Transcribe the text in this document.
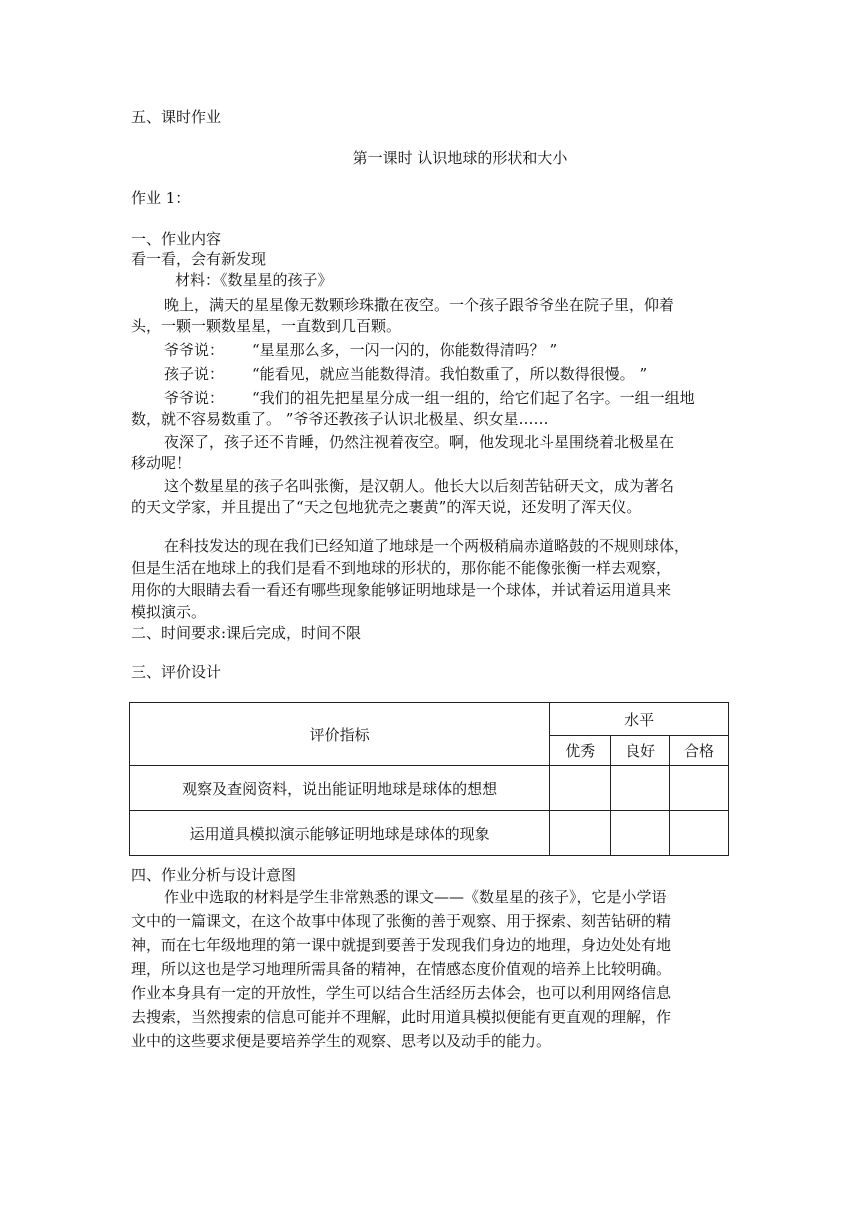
五、课时作业

第一课时 认识地球的形状和大小

作业 1：

一、作业内容

看一看，会有新发现

材料：《数星星的孩子》

晚上，满天的星星像无数颗珍珠撒在夜空。一个孩子跟爷爷坐在院子里，仰着

头，一颗一颗数星星，一直数到几百颗。

爷爷说： “星星那么多，一闪一闪的，你能数得清吗？ ”

孩子说： “能看见，就应当能数得清。我怕数重了，所以数得很慢。 ”

爷爷说： “我们的祖先把星星分成一组一组的，给它们起了名字。一组一组地

数，就不容易数重了。 ”爷爷还教孩子认识北极星、织女星……

夜深了，孩子还不肯睡，仍然注视着夜空。啊，他发现北斗星围绕着北极星在

移动呢！

这个数星星的孩子名叫张衡，是汉朝人。他长大以后刻苦钻研天文，成为著名

的天文学家，并且提出了“天之包地犹壳之裹黄”的浑天说，还发明了浑天仪。

在科技发达的现在我们已经知道了地球是一个两极稍扁赤道略鼓的不规则球体，

但是生活在地球上的我们是看不到地球的形状的，那你能不能像张衡一样去观察，

用你的大眼睛去看一看还有哪些现象能够证明地球是一个球体，并试着运用道具来

模拟演示。

二、时间要求:课后完成，时间不限

三、评价设计

评价指标	水平		
	优秀	良好	合格
观察及查阅资料，说出能证明地球是球体的想想			
运用道具模拟演示能够证明地球是球体的现象			

四、作业分析与设计意图

作业中选取的材料是学生非常熟悉的课文——《数星星的孩子》，它是小学语

文中的一篇课文，在这个故事中体现了张衡的善于观察、用于探索、刻苦钻研的精

神，而在七年级地理的第一课中就提到要善于发现我们身边的地理，身边处处有地

理，所以这也是学习地理所需具备的精神，在情感态度价值观的培养上比较明确。

作业本身具有一定的开放性，学生可以结合生活经历去体会，也可以利用网络信息

去搜索，当然搜索的信息可能并不理解，此时用道具模拟便能有更直观的理解，作

业中的这些要求便是要培养学生的观察、思考以及动手的能力。
